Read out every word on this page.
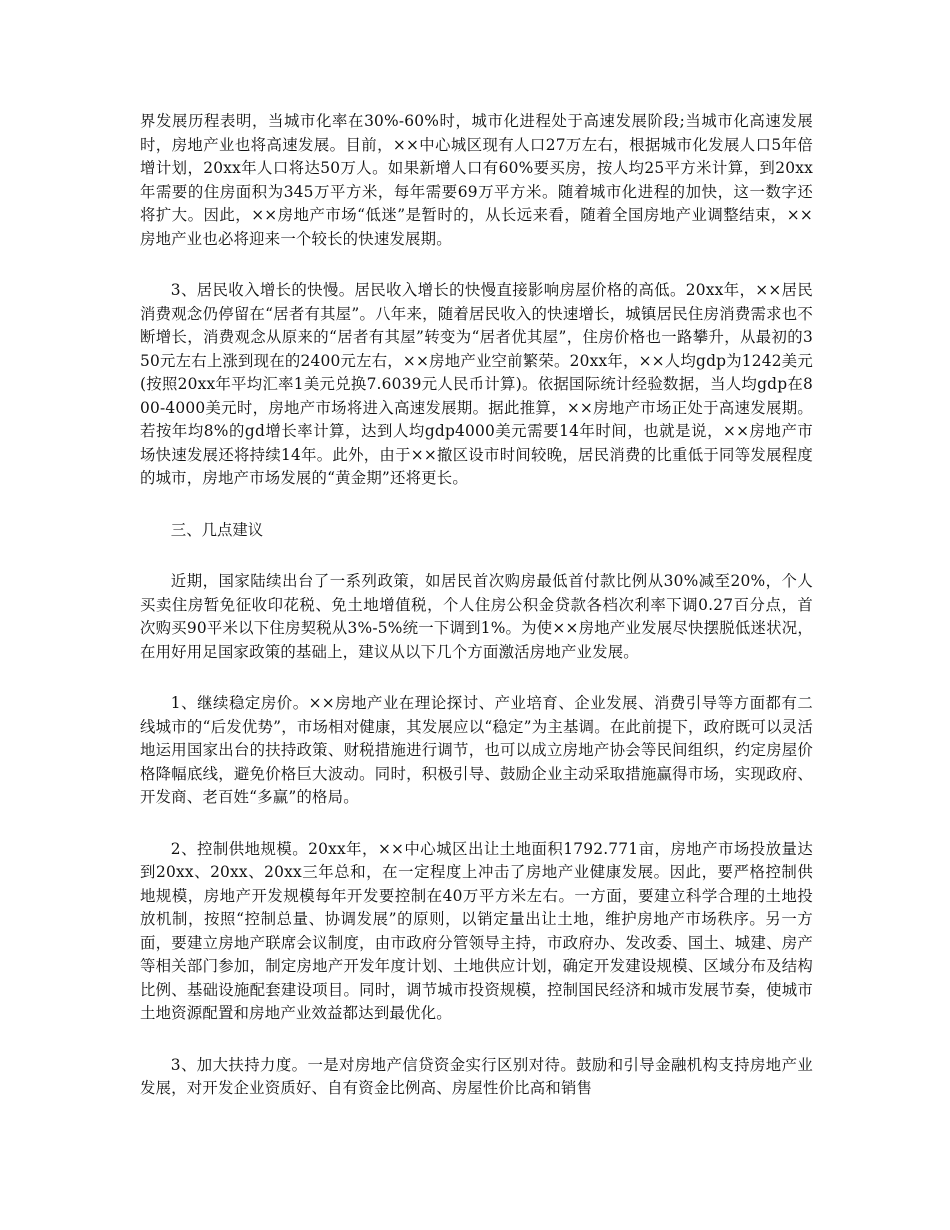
界发展历程表明，当城市化率在30%-60%时，城市化进程处于高速发展阶段;当城市化高速发展时，房地产业也将高速发展。目前，××中心城区现有人口27万左右，根据城市化发展人口5年倍增计划，20xx年人口将达50万人。如果新增人口有60%要买房，按人均25平方米计算，到20xx年需要的住房面积为345万平方米，每年需要69万平方米。随着城市化进程的加快，这一数字还将扩大。因此，××房地产市场“低迷”是暂时的，从长远来看，随着全国房地产业调整结束，××房地产业也必将迎来一个较长的快速发展期。

3、居民收入增长的快慢。居民收入增长的快慢直接影响房屋价格的高低。20xx年，××居民消费观念仍停留在“居者有其屋”。八年来，随着居民收入的快速增长，城镇居民住房消费需求也不断增长，消费观念从原来的“居者有其屋”转变为“居者优其屋”，住房价格也一路攀升，从最初的350元左右上涨到现在的2400元左右，××房地产业空前繁荣。20xx年，××人均gdp为1242美元(按照20xx年平均汇率1美元兑换7.6039元人民币计算)。依据国际统计经验数据，当人均gdp在800-4000美元时，房地产市场将进入高速发展期。据此推算，××房地产市场正处于高速发展期。若按年均8%的gd增长率计算，达到人均gdp4000美元需要14年时间，也就是说，××房地产市场快速发展还将持续14年。此外，由于××撤区设市时间较晚，居民消费的比重低于同等发展程度的城市，房地产市场发展的“黄金期”还将更长。

三、几点建议

近期，国家陆续出台了一系列政策，如居民首次购房最低首付款比例从30%减至20%，个人买卖住房暂免征收印花税、免土地增值税，个人住房公积金贷款各档次利率下调0.27百分点，首次购买90平米以下住房契税从3%-5%统一下调到1%。为使××房地产业发展尽快摆脱低迷状况，在用好用足国家政策的基础上，建议从以下几个方面激活房地产业发展。

1、继续稳定房价。××房地产业在理论探讨、产业培育、企业发展、消费引导等方面都有二线城市的“后发优势”，市场相对健康，其发展应以“稳定”为主基调。在此前提下，政府既可以灵活地运用国家出台的扶持政策、财税措施进行调节，也可以成立房地产协会等民间组织，约定房屋价格降幅底线，避免价格巨大波动。同时，积极引导、鼓励企业主动采取措施赢得市场，实现政府、开发商、老百姓“多赢”的格局。

2、控制供地规模。20xx年，××中心城区出让土地面积1792.771亩，房地产市场投放量达到20xx、20xx、20xx三年总和，在一定程度上冲击了房地产业健康发展。因此，要严格控制供地规模，房地产开发规模每年开发要控制在40万平方米左右。一方面，要建立科学合理的土地投放机制，按照“控制总量、协调发展”的原则，以销定量出让土地，维护房地产市场秩序。另一方面，要建立房地产联席会议制度，由市政府分管领导主持，市政府办、发改委、国土、城建、房产等相关部门参加，制定房地产开发年度计划、土地供应计划，确定开发建设规模、区域分布及结构比例、基础设施配套建设项目。同时，调节城市投资规模，控制国民经济和城市发展节奏，使城市土地资源配置和房地产业效益都达到最优化。

3、加大扶持力度。一是对房地产信贷资金实行区别对待。鼓励和引导金融机构支持房地产业发展，对开发企业资质好、自有资金比例高、房屋性价比高和销售
